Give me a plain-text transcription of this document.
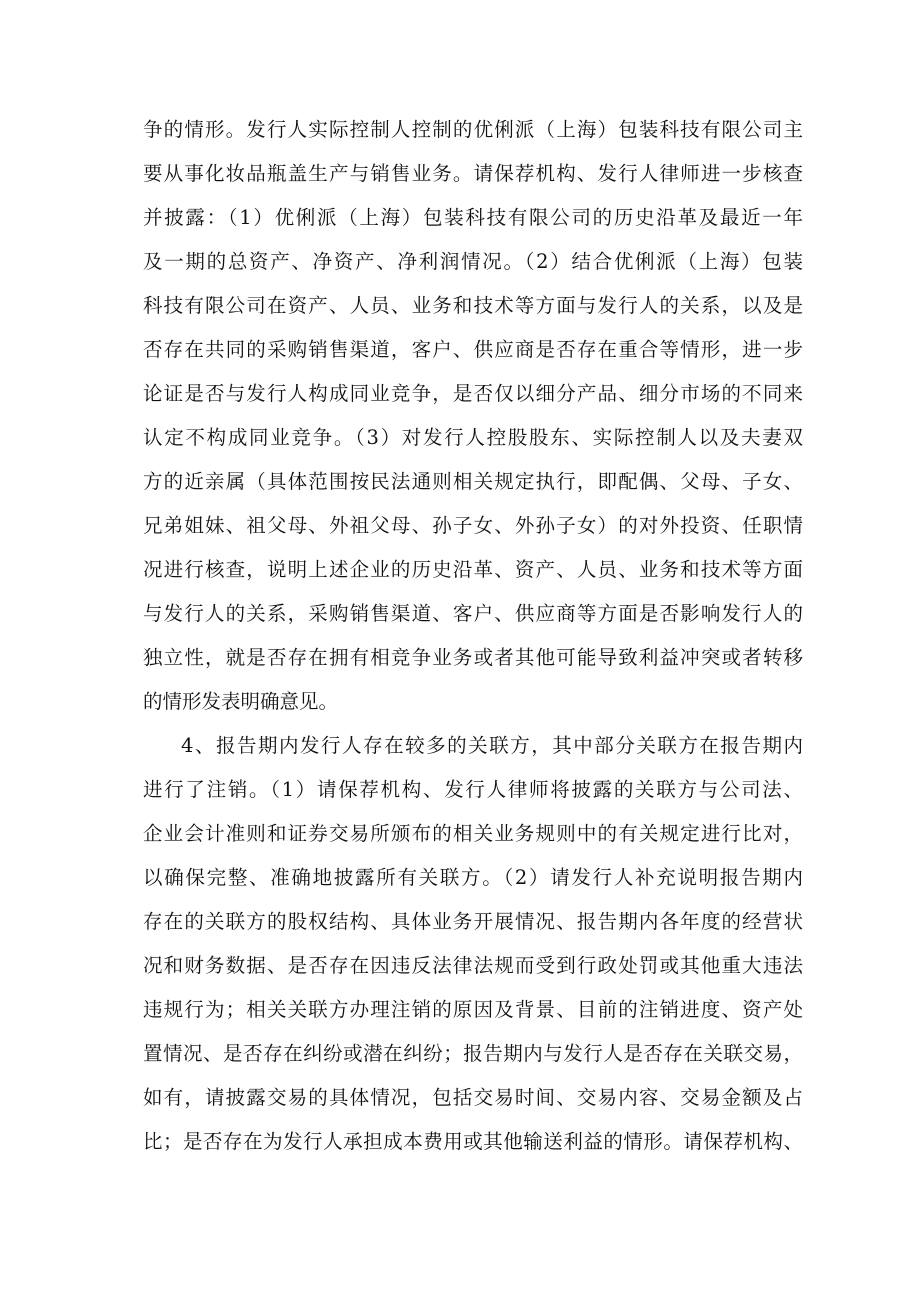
争的情形。发行人实际控制人控制的优俐派（上海）包装科技有限公司主
要从事化妆品瓶盖生产与销售业务。请保荐机构、发行人律师进一步核查
并披露：（1）优俐派（上海）包装科技有限公司的历史沿革及最近一年
及一期的总资产、净资产、净利润情况。（2）结合优俐派（上海）包装
科技有限公司在资产、人员、业务和技术等方面与发行人的关系，以及是
否存在共同的采购销售渠道，客户、供应商是否存在重合等情形，进一步
论证是否与发行人构成同业竞争，是否仅以细分产品、细分市场的不同来
认定不构成同业竞争。（3）对发行人控股股东、实际控制人以及夫妻双
方的近亲属（具体范围按民法通则相关规定执行，即配偶、父母、子女、
兄弟姐妹、祖父母、外祖父母、孙子女、外孙子女）的对外投资、任职情
况进行核查，说明上述企业的历史沿革、资产、人员、业务和技术等方面
与发行人的关系，采购销售渠道、客户、供应商等方面是否影响发行人的
独立性，就是否存在拥有相竞争业务或者其他可能导致利益冲突或者转移
的情形发表明确意见。
4、报告期内发行人存在较多的关联方，其中部分关联方在报告期内
进行了注销。（1）请保荐机构、发行人律师将披露的关联方与公司法、
企业会计准则和证券交易所颁布的相关业务规则中的有关规定进行比对，
以确保完整、准确地披露所有关联方。（2）请发行人补充说明报告期内
存在的关联方的股权结构、具体业务开展情况、报告期内各年度的经营状
况和财务数据、是否存在因违反法律法规而受到行政处罚或其他重大违法
违规行为；相关关联方办理注销的原因及背景、目前的注销进度、资产处
置情况、是否存在纠纷或潜在纠纷；报告期内与发行人是否存在关联交易，
如有，请披露交易的具体情况，包括交易时间、交易内容、交易金额及占
比；是否存在为发行人承担成本费用或其他输送利益的情形。请保荐机构、
